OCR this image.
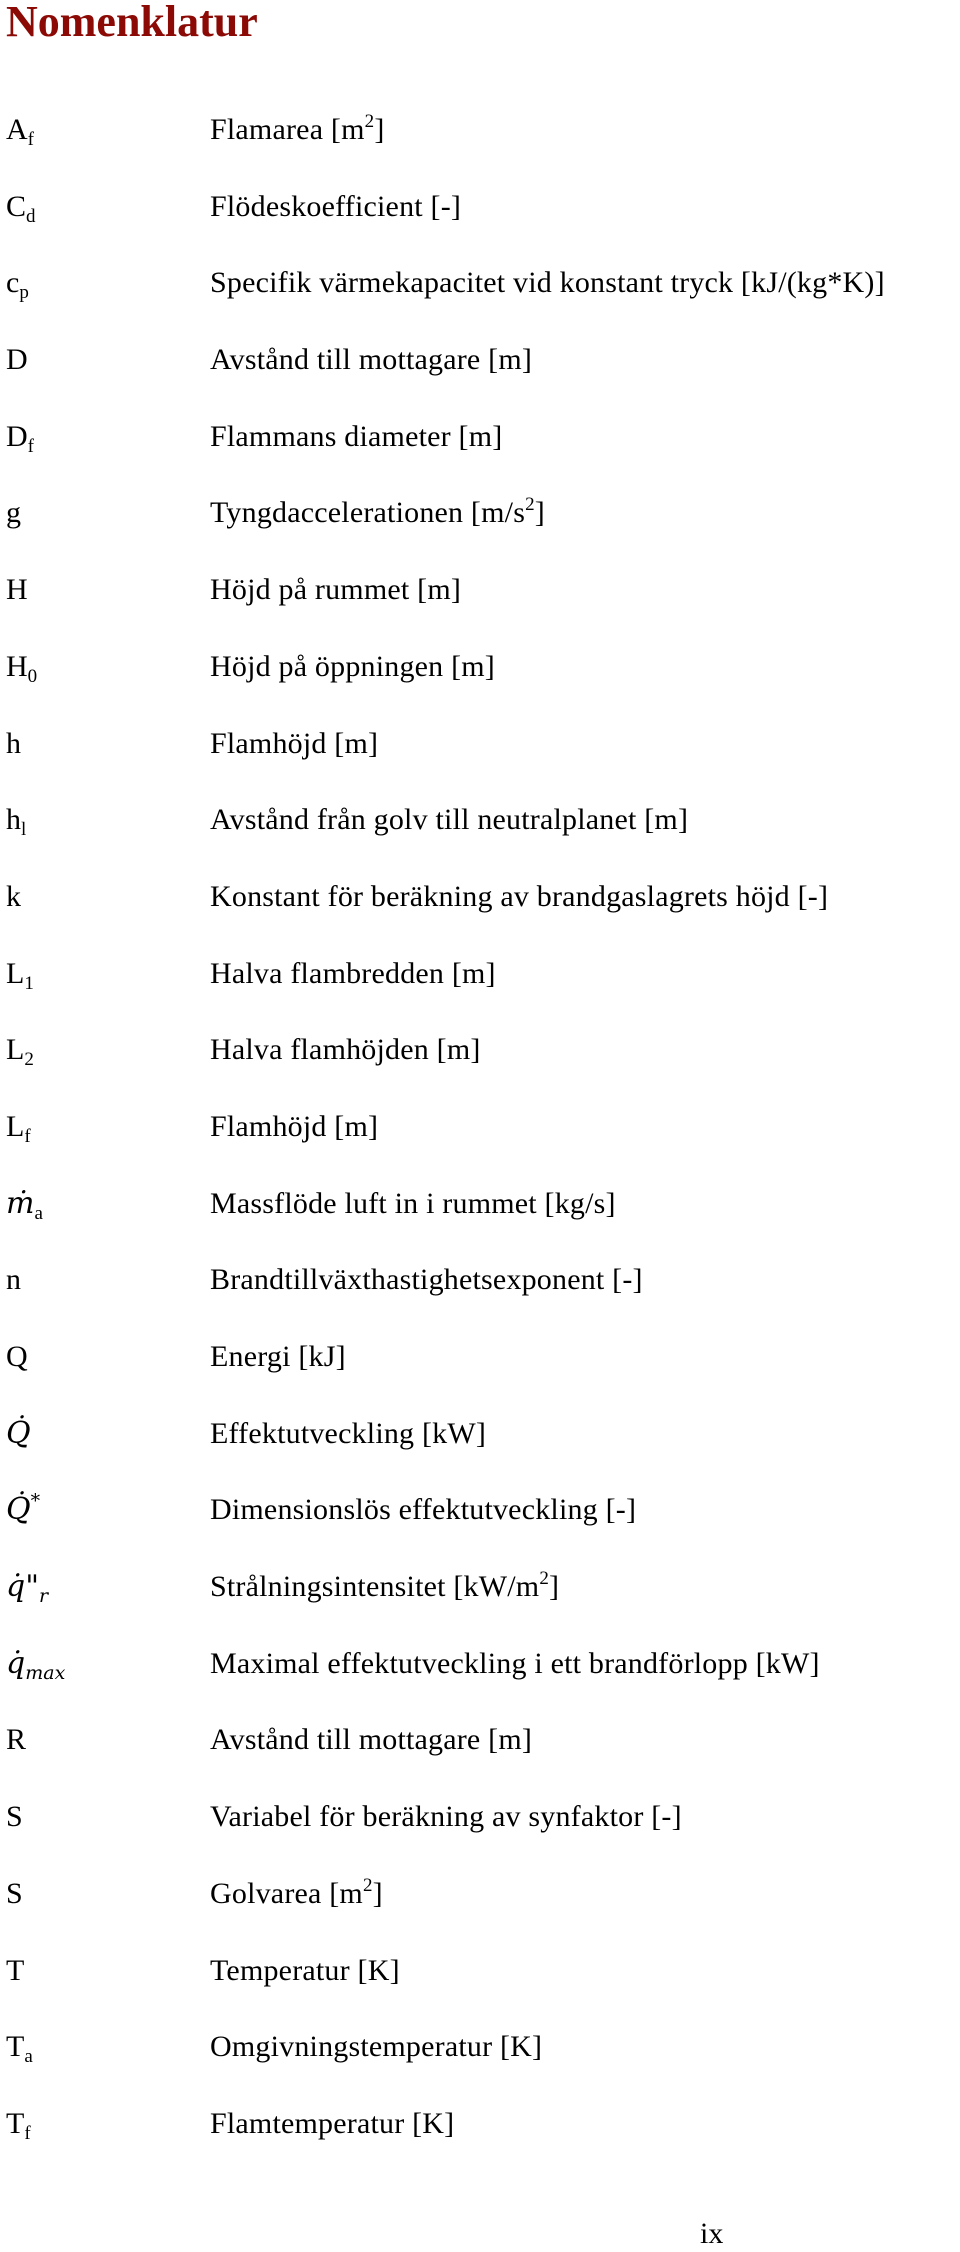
Nomenklatur
$A_f$	Flamarea $[m^2]$
$C_d$	Flödeskoefficient [-]
$c_p$	Specifik värmekapacitet vid konstant tryck [kJ/(kg*K)]
D	Avstånd till mottagare [m]
$D_f$	Flammans diameter [m]
g	Tyngdaccelerationen $[m/s^2]$
H	Höjd på rummet [m]
$H_0$	Höjd på öppningen [m]
h	Flamhöjd [m]
$h_l$	Avstånd från golv till neutralplanet [m]
k	Konstant för beräkning av brandgaslagrets höjd [-]
$L_1$	Halva flambredden [m]
$L_2$	Halva flamhöjden [m]
$L_f$	Flamhöjd [m]
ṁ$_a$	Massflöde luft in i rummet [kg/s]
n	Brandtillväxthastighetsexponent [-]
Q	Energi [kJ]
Q̇	Effektutveckling [kW]
Q̇*	Dimensionslös effektutveckling [-]
$q̇"_r$	Strålningsintensitet $[kW/m^2]$
$q̇_{max}$	Maximal effektutveckling i ett brandförlopp [kW]
R	Avstånd till mottagare [m]
S	Variabel för beräkning av synfaktor [-]
S	Golvarea $[m^2]$
T	Temperatur [K]
$T_a$	Omgivningstemperatur [K]
$T_f$	Flamtemperatur [K]
ix
